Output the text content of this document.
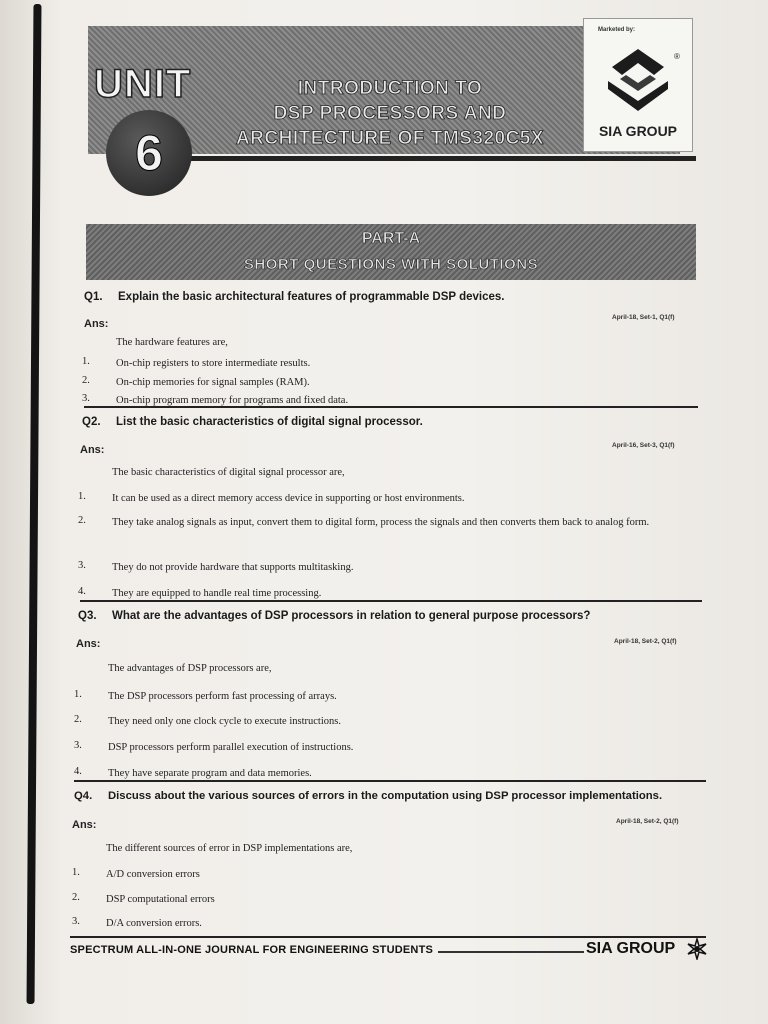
UNIT
6
INTRODUCTION TO
DSP PROCESSORS AND
ARCHITECTURE OF TMS320C5X
Marketed by:
®
SIA GROUP
PART-A
SHORT QUESTIONS WITH SOLUTIONS
Q1. Explain the basic architectural features of programmable DSP devices.
Ans:
April-18, Set-1, Q1(f)
The hardware features are,
1. On-chip registers to store intermediate results.
2. On-chip memories for signal samples (RAM).
3. On-chip program memory for programs and fixed data.
Q2. List the basic characteristics of digital signal processor.
Ans:	April-16, Set-3, Q1(f)
The basic characteristics of digital signal processor are,
1. It can be used as a direct memory access device in supporting or host environments.
2. They take analog signals as input, convert them to digital form, process the signals and then converts them back to analog form.
3. They do not provide hardware that supports multitasking.
4. They are equipped to handle real time processing.
Q3. What are the advantages of DSP processors in relation to general purpose processors?
Ans:	April-18, Set-2, Q1(f)
The advantages of DSP processors are,
1. The DSP processors perform fast processing of arrays.
2. They need only one clock cycle to execute instructions.
3. DSP processors perform parallel execution of instructions.
4. They have separate program and data memories.
Q4. Discuss about the various sources of errors in the computation using DSP processor implementations.
Ans:	April-18, Set-2, Q1(f)
The different sources of error in DSP implementations are,
1. A/D conversion errors
2. DSP computational errors
3. D/A conversion errors.
SPECTRUM ALL-IN-ONE JOURNAL FOR ENGINEERING STUDENTS	SIA GROUP
